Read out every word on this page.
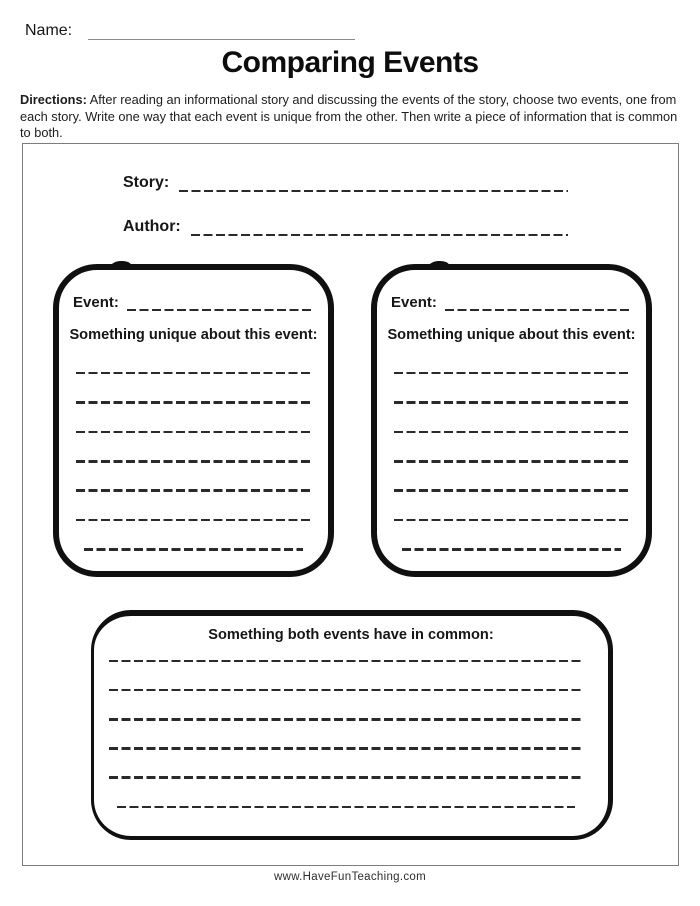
Name:
Comparing Events

Directions: After reading an informational story and discussing the events of the story, choose two events, one from each story. Write one way that each event is unique from the other. Then write a piece of information that is common to both.

Story:
Author:
Event:
Something unique about this event:
Event:
Something unique about this event:
Something both events have in common:
www.HaveFunTeaching.com
